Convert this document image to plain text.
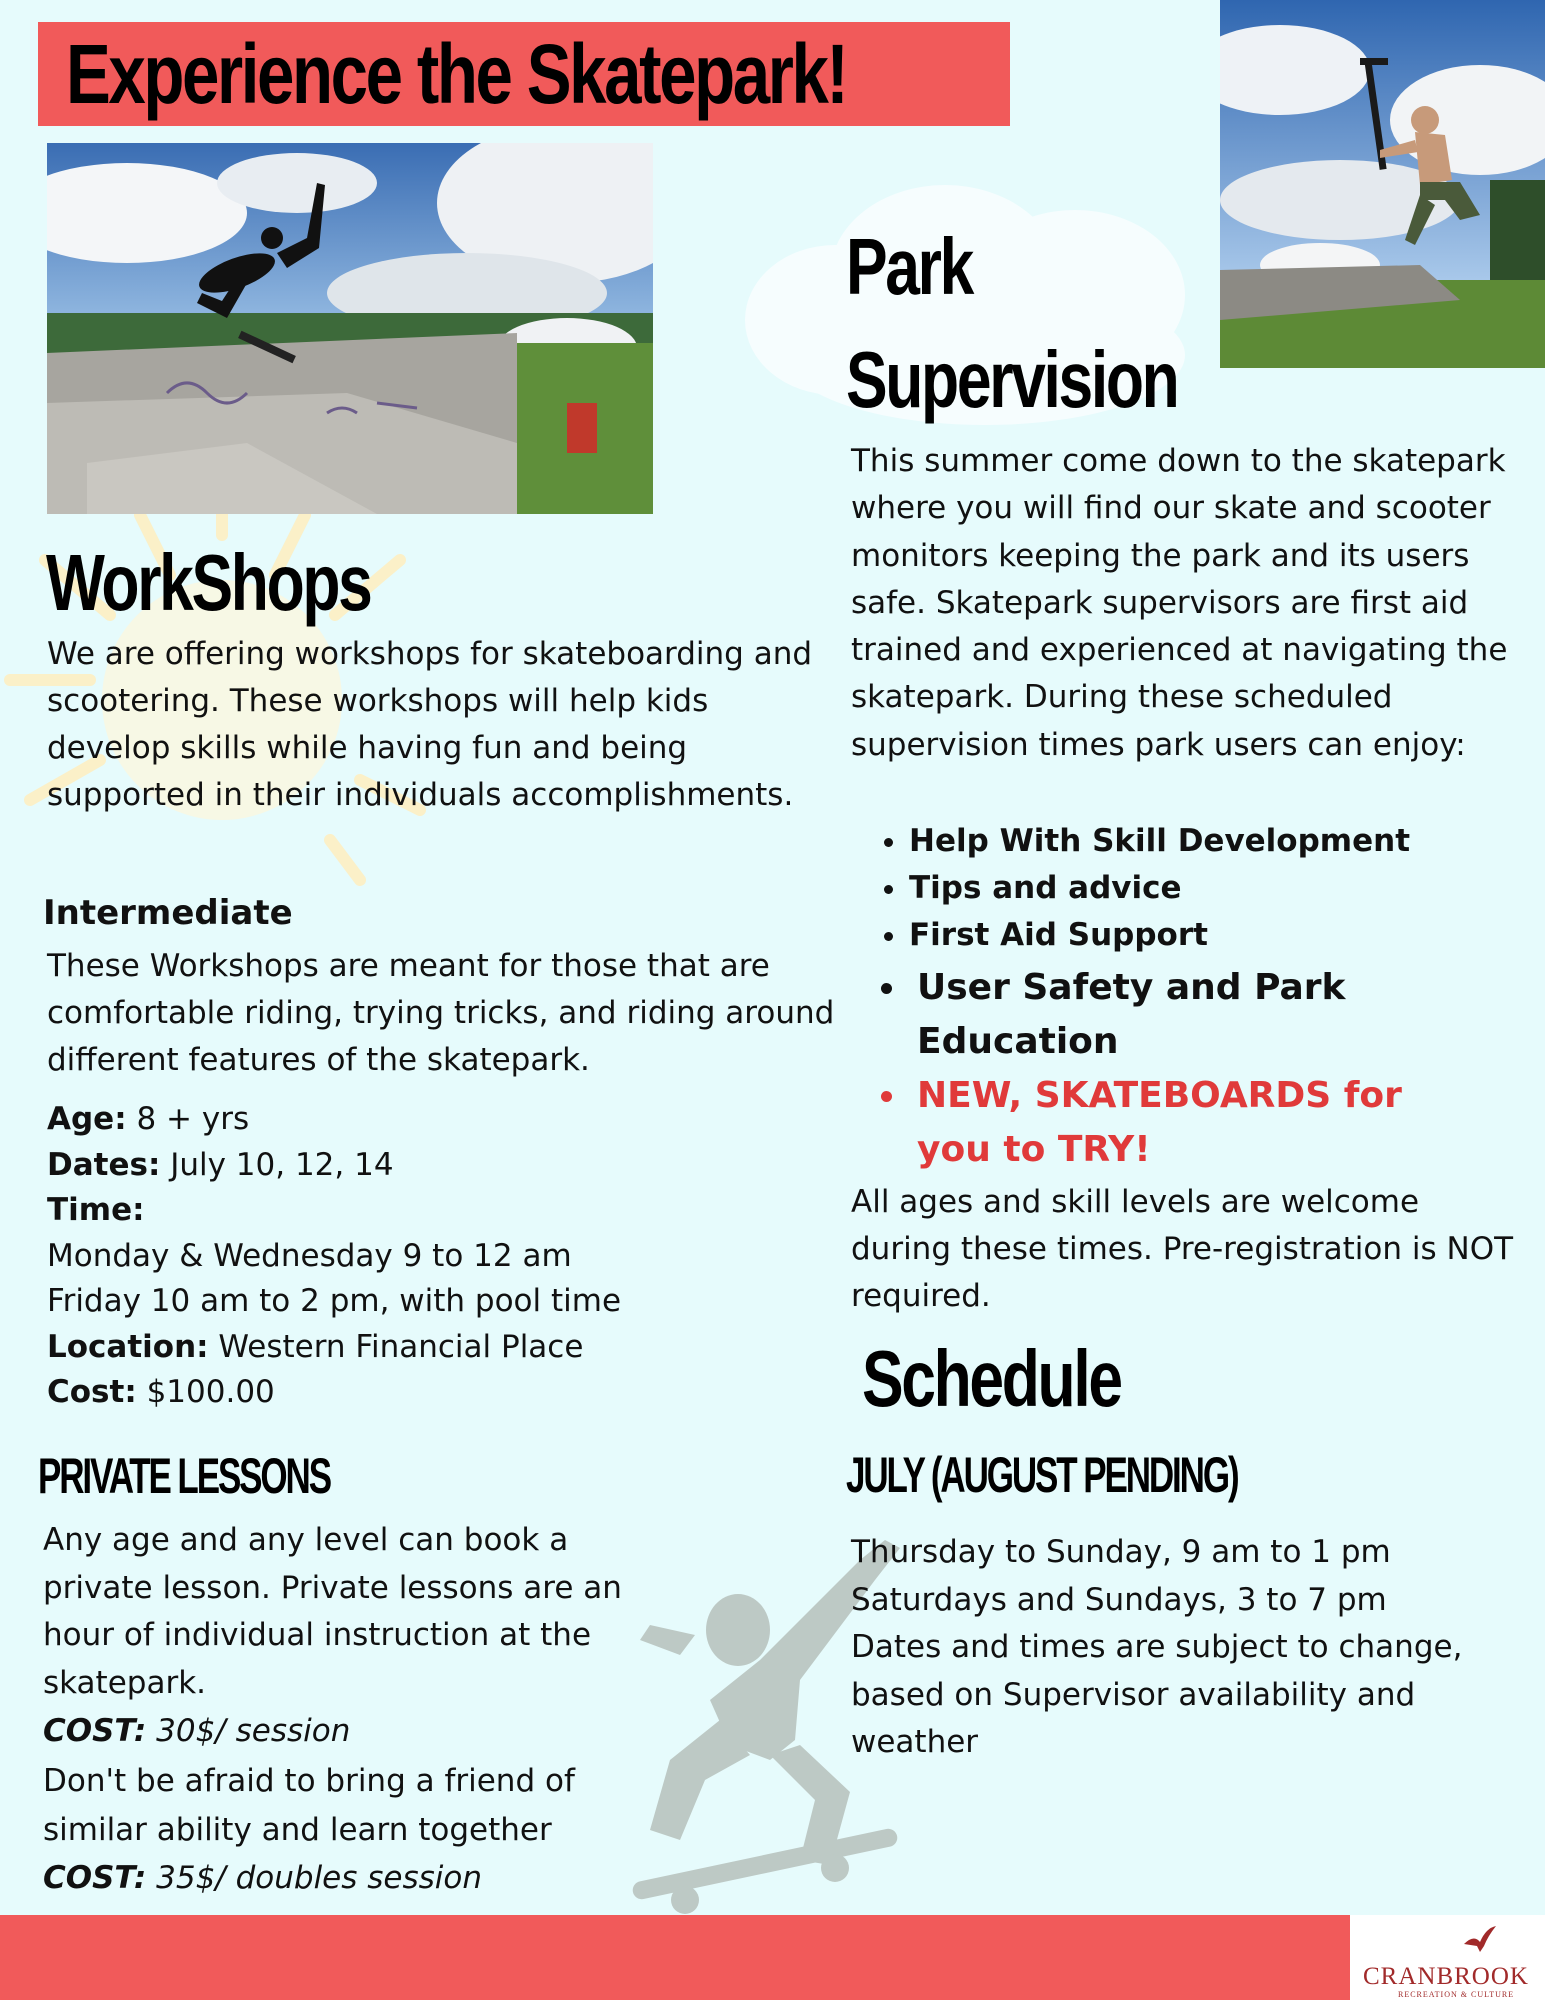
Experience the Skatepark!
WorkShops
We are offering workshops for skateboarding and scootering. These workshops will help kids develop skills while having fun and being supported in their individuals accomplishments.
Intermediate
These Workshops are meant for those that are comfortable riding, trying tricks, and riding around different features of the skatepark.
Age: 8 + yrs
Dates: July 10, 12, 14
Time:
Monday & Wednesday 9 to 12 am
Friday 10 am to 2 pm, with pool time
Location: Western Financial Place
Cost: $100.00
PRIVATE LESSONS
Any age and any level can book a private lesson. Private lessons are an hour of individual instruction at the skatepark.
COST: 30$/ session
Don't be afraid to bring a friend of similar ability and learn together
COST: 35$/ doubles session
Park
Supervision
This summer come down to the skatepark where you will find our skate and scooter monitors keeping the park and its users safe. Skatepark supervisors are first aid trained and experienced at navigating the skatepark. During these scheduled supervision times park users can enjoy:
• Help With Skill Development
• Tips and advice
• First Aid Support
• User Safety and Park Education
• NEW, SKATEBOARDS for you to TRY!
All ages and skill levels are welcome during these times. Pre-registration is NOT required.
Schedule
JULY (AUGUST PENDING)
Thursday to Sunday, 9 am to 1 pm
Saturdays and Sundays, 3 to 7 pm
Dates and times are subject to change, based on Supervisor availability and weather
CRANBROOK
RECREATION & CULTURE
